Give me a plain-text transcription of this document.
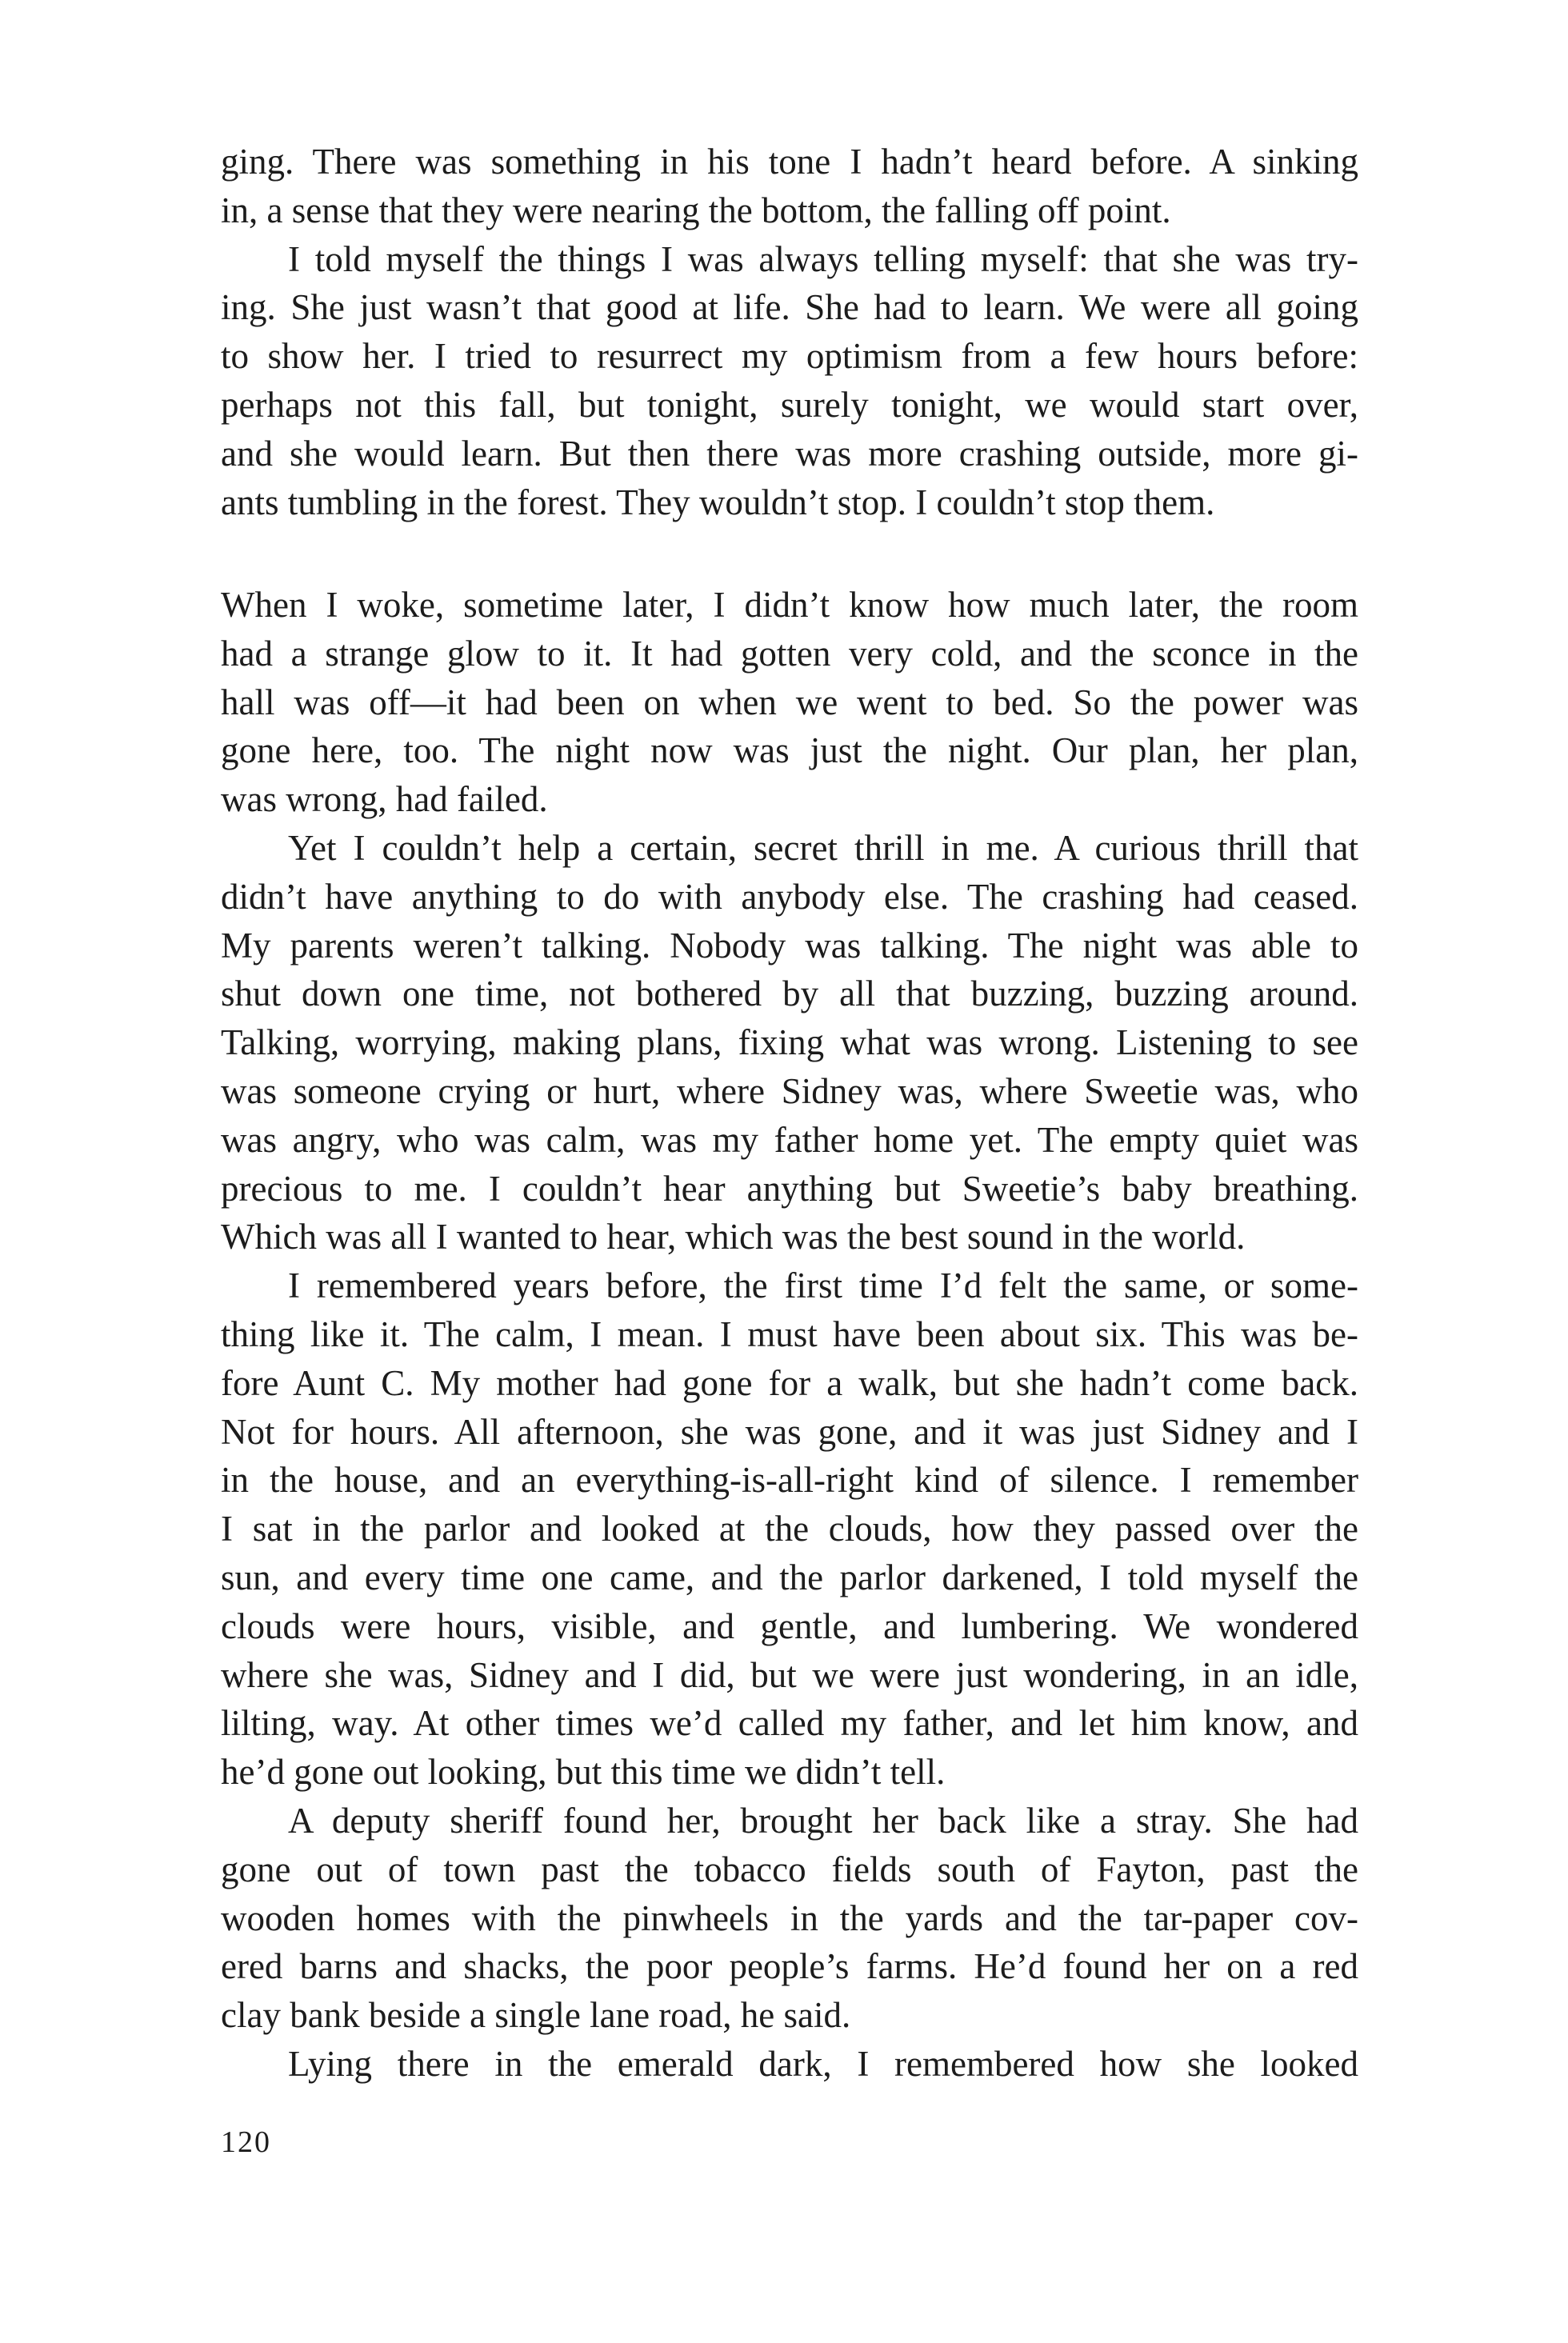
ging. There was something in his tone I hadn’t heard before. A sinking
in, a sense that they were nearing the bottom, the falling off point.
I told myself the things I was always telling myself: that she was try-
ing. She just wasn’t that good at life. She had to learn. We were all going
to show her. I tried to resurrect my optimism from a few hours before:
perhaps not this fall, but tonight, surely tonight, we would start over,
and she would learn. But then there was more crashing outside, more gi-
ants tumbling in the forest. They wouldn’t stop. I couldn’t stop them.
When I woke, sometime later, I didn’t know how much later, the room
had a strange glow to it. It had gotten very cold, and the sconce in the
hall was off—it had been on when we went to bed. So the power was
gone here, too. The night now was just the night. Our plan, her plan,
was wrong, had failed.
Yet I couldn’t help a certain, secret thrill in me. A curious thrill that
didn’t have anything to do with anybody else. The crashing had ceased.
My parents weren’t talking. Nobody was talking. The night was able to
shut down one time, not bothered by all that buzzing, buzzing around.
Talking, worrying, making plans, fixing what was wrong. Listening to see
was someone crying or hurt, where Sidney was, where Sweetie was, who
was angry, who was calm, was my father home yet. The empty quiet was
precious to me. I couldn’t hear anything but Sweetie’s baby breathing.
Which was all I wanted to hear, which was the best sound in the world.
I remembered years before, the first time I’d felt the same, or some-
thing like it. The calm, I mean. I must have been about six. This was be-
fore Aunt C. My mother had gone for a walk, but she hadn’t come back.
Not for hours. All afternoon, she was gone, and it was just Sidney and I
in the house, and an everything-is-all-right kind of silence. I remember
I sat in the parlor and looked at the clouds, how they passed over the
sun, and every time one came, and the parlor darkened, I told myself the
clouds were hours, visible, and gentle, and lumbering. We wondered
where she was, Sidney and I did, but we were just wondering, in an idle,
lilting, way. At other times we’d called my father, and let him know, and
he’d gone out looking, but this time we didn’t tell.
A deputy sheriff found her, brought her back like a stray. She had
gone out of town past the tobacco fields south of Fayton, past the
wooden homes with the pinwheels in the yards and the tar-paper cov-
ered barns and shacks, the poor people’s farms. He’d found her on a red
clay bank beside a single lane road, he said.
Lying there in the emerald dark, I remembered how she looked
120
